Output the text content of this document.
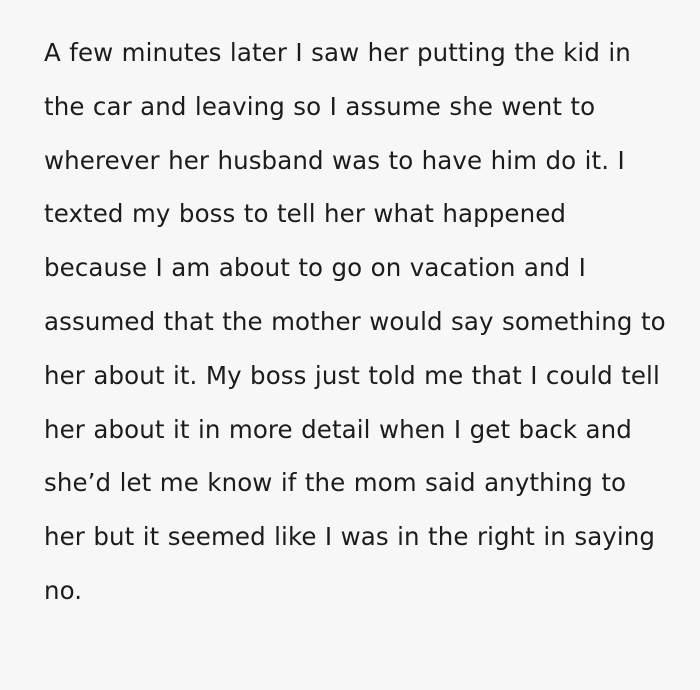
A few minutes later I saw her putting the kid in the car and leaving so I assume she went to wherever her husband was to have him do it. I texted my boss to tell her what happened because I am about to go on vacation and I assumed that the mother would say something to her about it. My boss just told me that I could tell her about it in more detail when I get back and she’d let me know if the mom said anything to her but it seemed like I was in the right in saying no.
